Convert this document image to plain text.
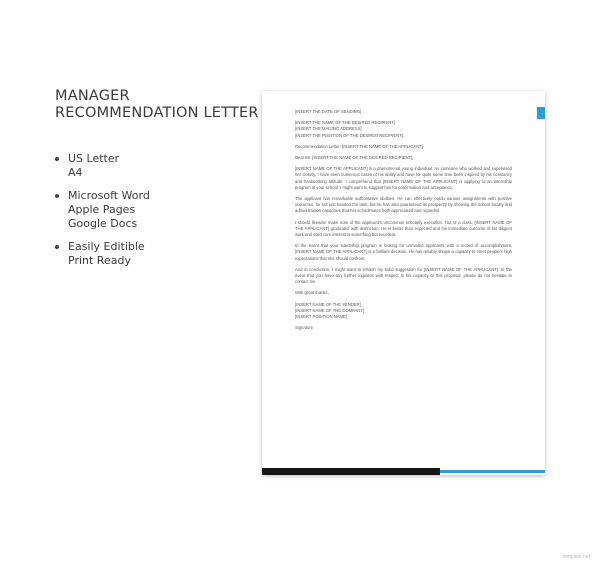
MANAGER
RECOMMENDATION LETTER
US Letter
A4
Microsoft Word
Apple Pages
Google Docs
Easily Editible
Print Ready

[INSERT THE DATE OF SENDING]

[INSERT THE NAME OF THE DESIRED RECIPIENT]
[INSERT THE MAILING ADDRESS]
[INSERT THE POSITION OF THE DESIRED RECIPIENT]

Recommendation Letter: [INSERT THE NAME OF THE APPLICANT]

Dear Mr. [INSERT THE NAME OF THE DESIRED RECIPIENT],

[INSERT NAME OF THE APPLICANT] is a phenomenal young individual. As someone who worked and supervised her closely, I have seen numerous cases of his ability and have for quite some time been inspired by his constancy and hardworking attitude. I comprehend that [INSERT NAME OF THE APPLICANT] is applying to an internship program at your school. I might want to suggest him for confirmation and acceptance.

The applicant has remarkable authoritative abilities. He can effectively outdo various assignments with positive outcomes, he not just headed the task, but he has also guaranteed its prosperity by showing the school faculty and administration capacities that her schoolmates both appreciated and regarded.

I should likewise make note of the applicant's uncommon scholarly execution. Out of a class, [INSERT NAME OF THE APPLICANT] graduated with distinction. He is better than expected and his immediate outcome of his diligent work and solid core interest is something but excellent.

In the event that your internship program is looking for unrivaled applicants with a record of accomplishment, [INSERT NAME OF THE APPLICANT] is a brilliant decision. He has reliably shown a capacity to meet people's high expectations that she should confront.

And in conclusion, I might want to rehash my solid suggestion for [INSERT NAME OF THE APPLICANT]. In the event that you have any further inquiries with respect to his capacity or this proposal, please do not hesitate to contact me.

With great thanks,

[INSERT NAME OF THE SENDER]
[INSERT NAME OF THE COMPANY]
[INSERT POSITION NAME]

Signature

template.net
